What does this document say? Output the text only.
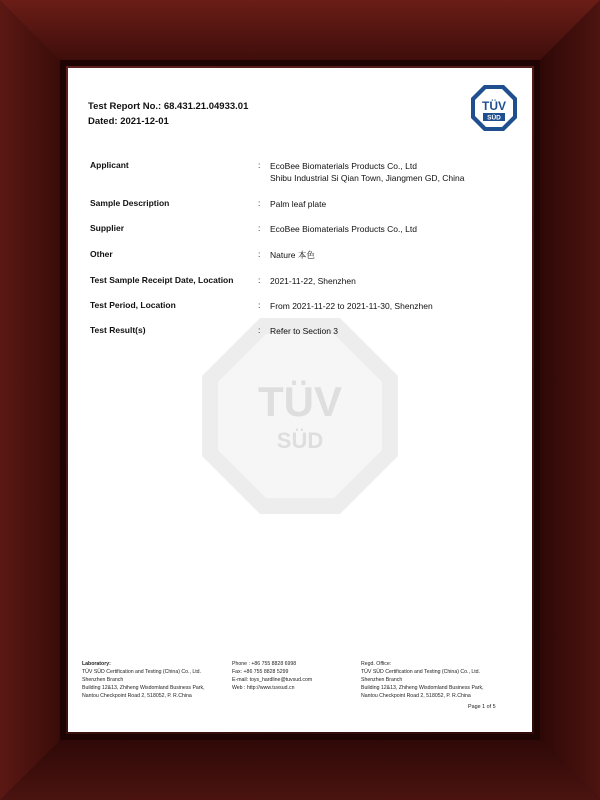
TÜV
SÜD
TÜV
SÜD
Test Report No.: 68.431.21.04933.01
Dated: 2021-12-01
Applicant	: EcoBee Biomaterials Products Co., Ltd
Shibu Industrial Si Qian Town, Jiangmen GD, China
Sample Description	: Palm leaf plate
Supplier	: EcoBee Biomaterials Products Co., Ltd
Other	: Nature 本色
Test Sample Receipt Date, Location	: 2021-11-22, Shenzhen
Test Period, Location	: From 2021-11-22 to 2021-11-30, Shenzhen
Test Result(s)	: Refer to Section 3
Laboratory:
TÜV SÜD Certification and Testing (China) Co., Ltd.
Shenzhen Branch
Building 12&13, Zhiheng Wisdomland Business Park,
Nantou Checkpoint Road 2, 518052, P. R.China
Phone : +86 755 8828 6998
Fax: +86 755 8828 5299
E-mail: toys_hardline@tuvsud.com
Web : http://www.tuvsud.cn
Regd. Office:
TÜV SÜD Certification and Testing (China) Co., Ltd.
Shenzhen Branch
Building 12&13, Zhiheng Wisdomland Business Park,
Nantou Checkpoint Road 2, 518052, P. R.China
Page 1 of 5
